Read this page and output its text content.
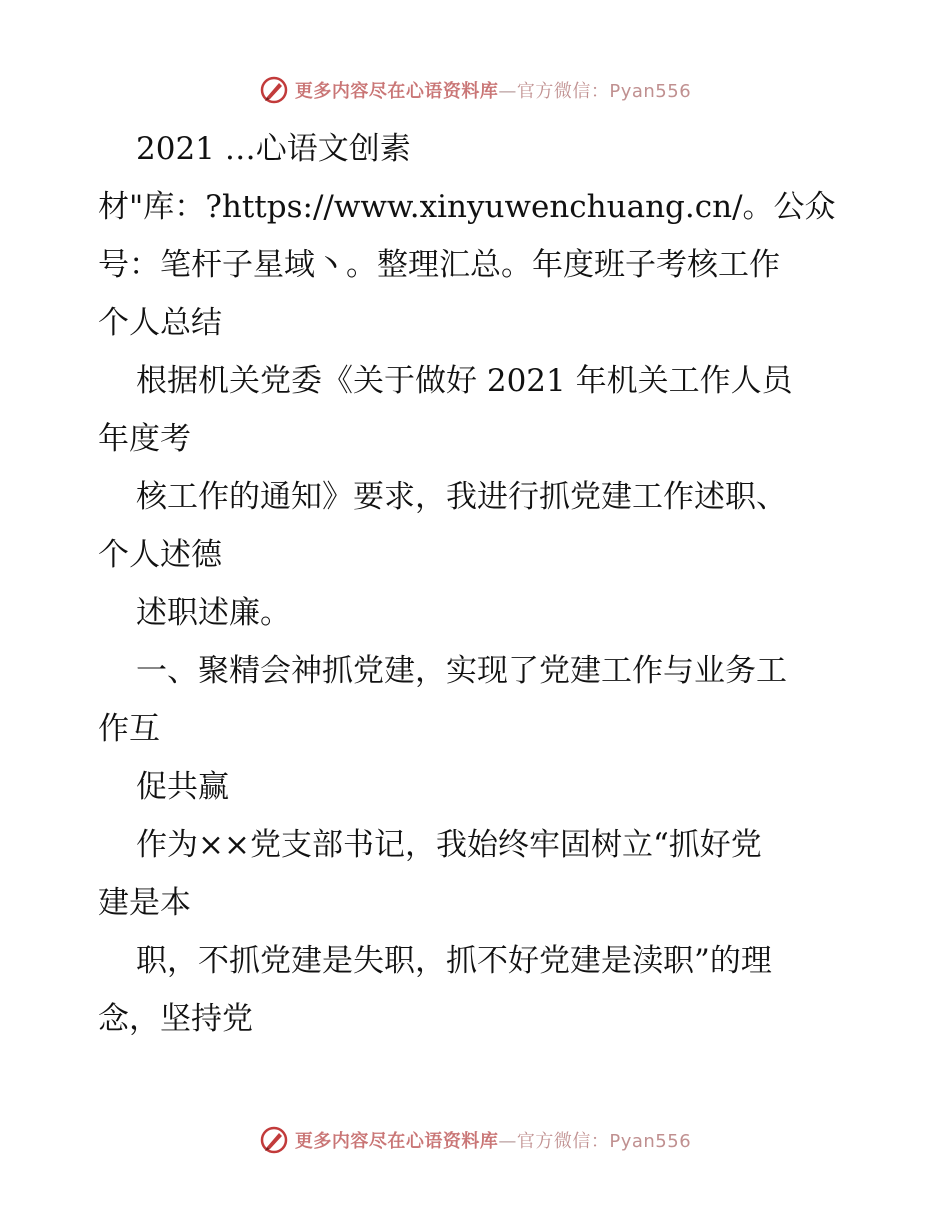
更多内容尽在心语资料库—官方微信：Pyan556
2021 …心语文创素
材"库：?https://www.xinyuwenchuang.cn/。公众
号：笔杆子星域丶。整理汇总。年度班子考核工作
个人总结
根据机关党委《关于做好 2021 年机关工作人员
年度考
核工作的通知》要求，我进行抓党建工作述职、
个人述德
述职述廉。
一、聚精会神抓党建，实现了党建工作与业务工
作互
促共赢
作为××党支部书记，我始终牢固树立“抓好党
建是本
职，不抓党建是失职，抓不好党建是渎职”的理
念，坚持党
更多内容尽在心语资料库—官方微信：Pyan556
